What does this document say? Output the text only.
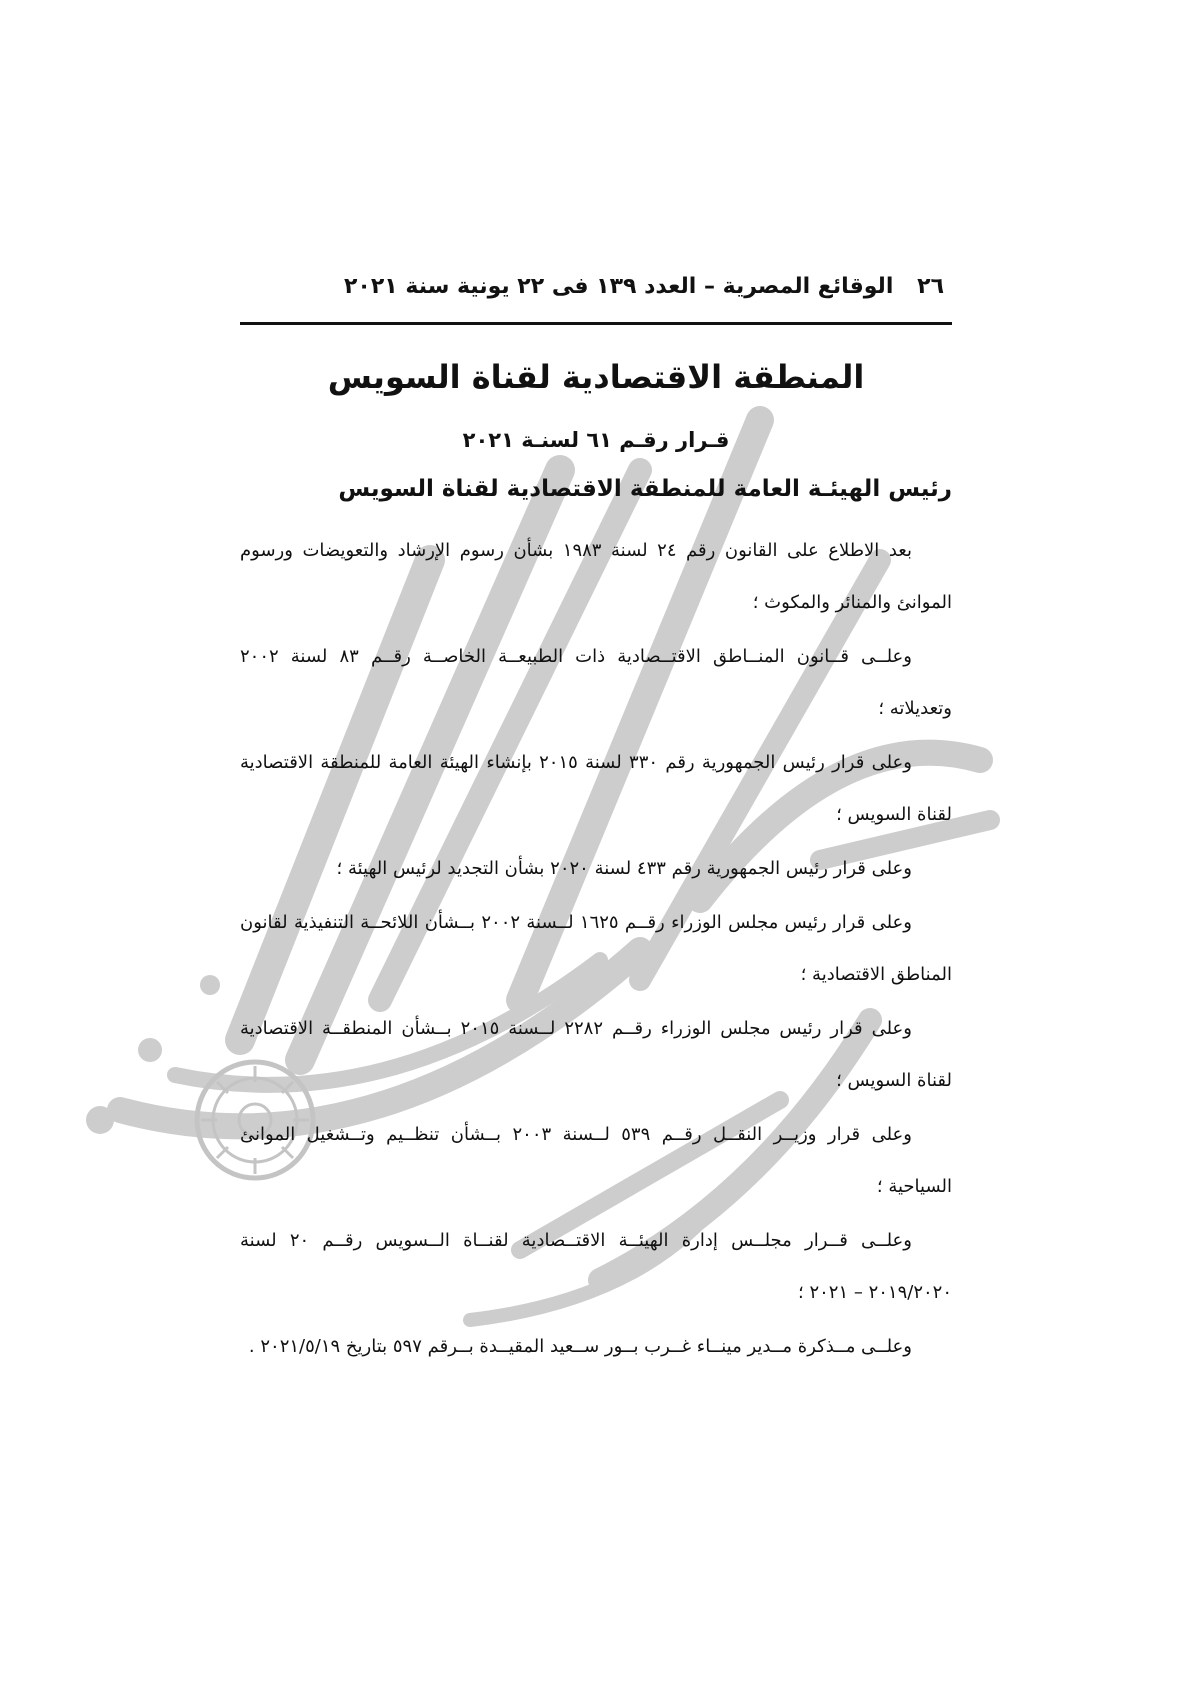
٢٦
الوقائع المصرية – العدد ١٣٩ فى ٢٢ يونية سنة ٢٠٢١
المنطقة الاقتصادية لقناة السويس
قـرار رقـم ٦١ لسنـة ٢٠٢١
رئيس الهيئـة العامة للمنطقة الاقتصادية لقناة السويس

بعد الاطلاع على القانون رقم ٢٤ لسنة ١٩٨٣ بشأن رسوم الإرشاد والتعويضات ورسوم الموانئ والمنائر والمكوث ؛

وعلــى قــانون المنــاطق الاقتــصادية ذات الطبيعــة الخاصــة رقــم ٨٣ لسنة ٢٠٠٢ وتعديلاته ؛

وعلى قرار رئيس الجمهورية رقم ٣٣٠ لسنة ٢٠١٥ بإنشاء الهيئة العامة للمنطقة الاقتصادية لقناة السويس ؛

وعلى قرار رئيس الجمهورية رقم ٤٣٣ لسنة ٢٠٢٠ بشأن التجديد لرئيس الهيئة ؛

وعلى قرار رئيس مجلس الوزراء رقــم ١٦٢٥ لــسنة ٢٠٠٢ بــشأن اللائحــة التنفيذية لقانون المناطق الاقتصادية ؛

وعلى قرار رئيس مجلس الوزراء رقــم ٢٢٨٢ لــسنة ٢٠١٥ بــشأن المنطقــة الاقتصادية لقناة السويس ؛

وعلى قرار وزيــر النقــل رقــم ٥٣٩ لــسنة ٢٠٠٣ بــشأن تنظــيم وتــشغيل الموانئ السياحية ؛

وعلــى قــرار مجلــس إدارة الهيئــة الاقتــصادية لقنــاة الــسويس رقــم ٢٠ لسنة ٢٠١٩/٢٠٢٠ – ٢٠٢١ ؛

وعلــى مــذكرة مــدير مينــاء غــرب بــور ســعيد المقيــدة بــرقم ٥٩٧ بتاريخ ٢٠٢١/٥/١٩ .
